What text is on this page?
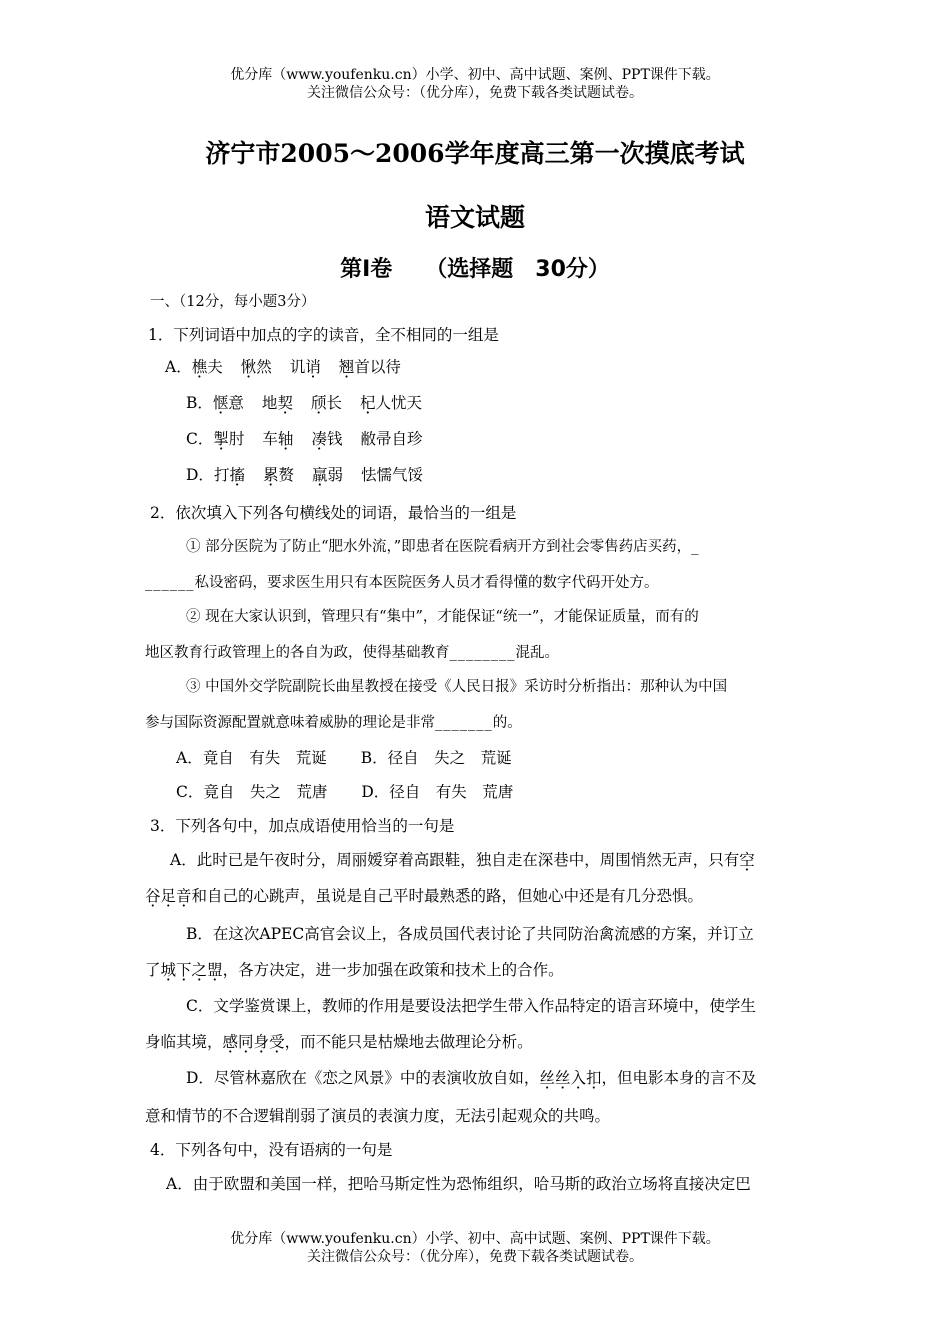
优分库（www.youfenku.cn）小学、初中、高中试题、案例、PPT课件下载。
关注微信公众号：（优分库），免费下载各类试题试卷。
济宁市2005～2006学年度高三第一次摸底考试
语文试题
第Ⅰ卷　　（选择题　30分）
一、（12分，每小题3分）
1．下列词语中加点的字的读音，全不相同的一组是
A．樵夫 愀然 讥诮 翘首以待
B．惬意 地契 颀长 杞人忧天
C．掣肘 车轴 凑钱 敝帚自珍
D．打搐 累赘 羸弱 怯懦气馁
2．依次填入下列各句横线处的词语，最恰当的一组是
① 部分医院为了防止“肥水外流，”即患者在医院看病开方到社会零售药店买药，_
______私设密码，要求医生用只有本医院医务人员才看得懂的数字代码开处方。
② 现在大家认识到，管理只有“集中”，才能保证“统一”，才能保证质量，而有的
地区教育行政管理上的各自为政，使得基础教育________混乱。
③ 中国外交学院副院长曲星教授在接受《人民日报》采访时分析指出：那种认为中国
参与国际资源配置就意味着威胁的理论是非常_______的。
A．竟自　有失　荒诞 B．径自　失之　荒诞
C．竟自　失之　荒唐 D．径自　有失　荒唐
3．下列各句中，加点成语使用恰当的一句是
A．此时已是午夜时分，周丽嫒穿着高跟鞋，独自走在深巷中，周围悄然无声，只有空
谷足音和自己的心跳声，虽说是自己平时最熟悉的路，但她心中还是有几分恐惧。
B．在这次APEC高官会议上，各成员国代表讨论了共同防治禽流感的方案，并订立
了城下之盟，各方决定，进一步加强在政策和技术上的合作。
C．文学鉴赏课上，教师的作用是要设法把学生带入作品特定的语言环境中，使学生
身临其境，感同身受，而不能只是枯燥地去做理论分析。
D．尽管林嘉欣在《恋之风景》中的表演收放自如，丝丝入扣，但电影本身的言不及
意和情节的不合逻辑削弱了演员的表演力度，无法引起观众的共鸣。
4．下列各句中，没有语病的一句是
A．由于欧盟和美国一样，把哈马斯定性为恐怖组织，哈马斯的政治立场将直接决定巴
优分库（www.youfenku.cn）小学、初中、高中试题、案例、PPT课件下载。
关注微信公众号：（优分库），免费下载各类试题试卷。
